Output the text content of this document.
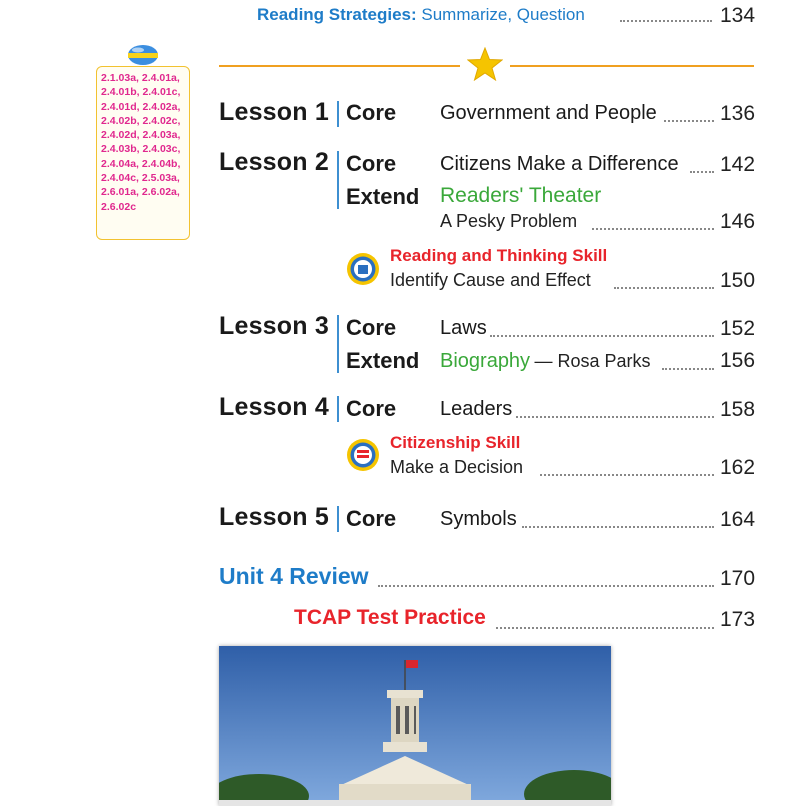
Reading Strategies: Summarize, Question	134
2.1.03a, 2.4.01a, 2.4.01b, 2.4.01c, 2.4.01d, 2.4.02a, 2.4.02b, 2.4.02c, 2.4.02d, 2.4.03a, 2.4.03b, 2.4.03c, 2.4.04a, 2.4.04b, 2.4.04c, 2.5.03a, 2.6.01a, 2.6.02a, 2.6.02c
Lesson 1 Core Government and People	136
Lesson 2 Core Citizens Make a Difference 142
Extend Readers' Theater
A Pesky Problem	146
Reading and Thinking Skill
Identify Cause and Effect	150
Lesson 3 Core Laws	152
Extend Biography — Rosa Parks	156
Lesson 4 Core Leaders	158
Citizenship Skill
Make a Decision	162
Lesson 5 Core Symbols	164
Unit 4 Review	170
TCAP Test Practice	173
